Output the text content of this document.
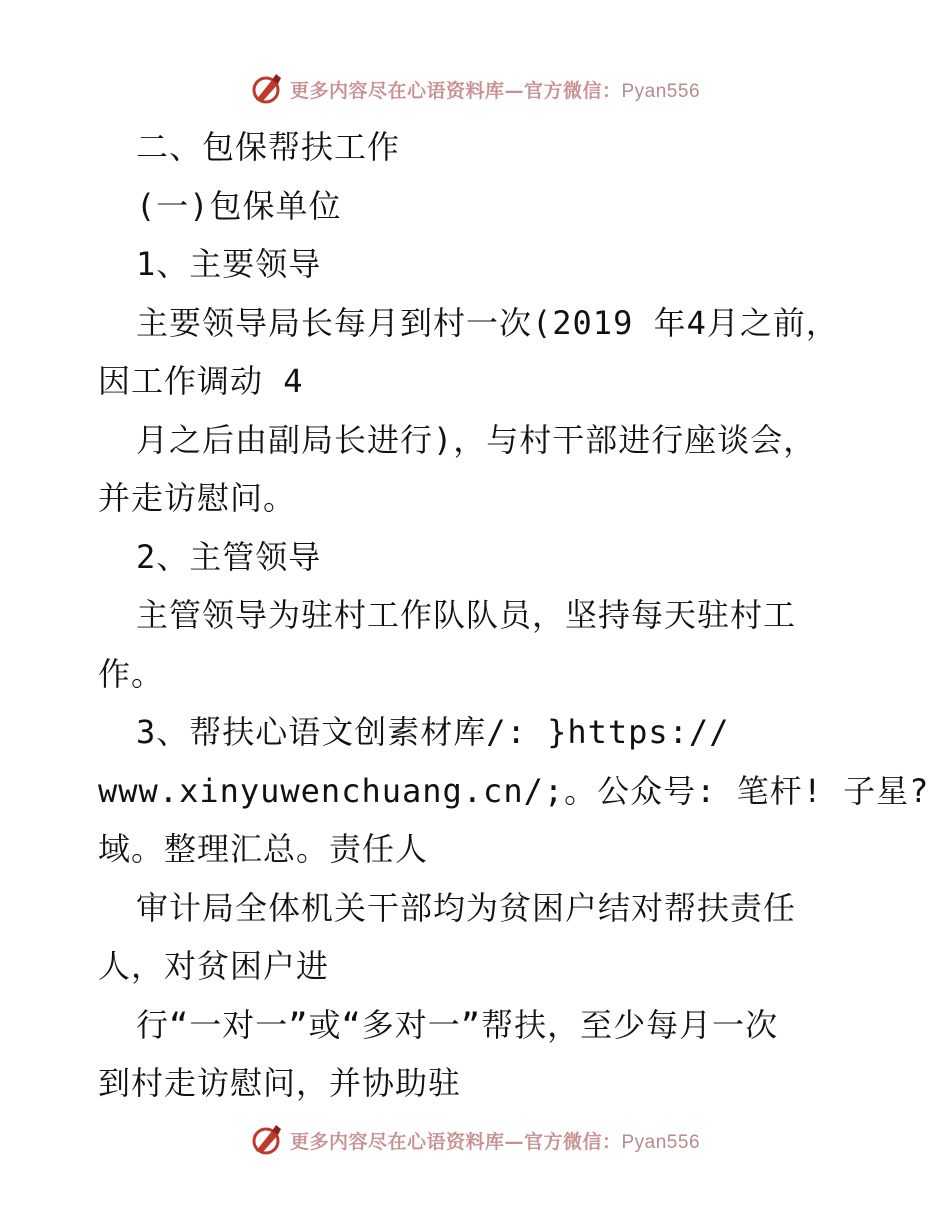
更多内容尽在心语资料库—官方微信：Pyan556
二、包保帮扶工作
(一)包保单位
1、主要领导
主要领导局长每月到村一次(2019 年4月之前，
因工作调动 4
月之后由副局长进行)，与村干部进行座谈会，
并走访慰问。
2、主管领导
主管领导为驻村工作队队员，坚持每天驻村工
作。
3、帮扶心语文创素材库/: }https://
www.xinyuwenchuang.cn/;。公众号: 笔杆! 子星?
域。整理汇总。责任人
审计局全体机关干部均为贫困户结对帮扶责任
人，对贫困户进
行“一对一”或“多对一”帮扶，至少每月一次
到村走访慰问，并协助驻
更多内容尽在心语资料库—官方微信：Pyan556
